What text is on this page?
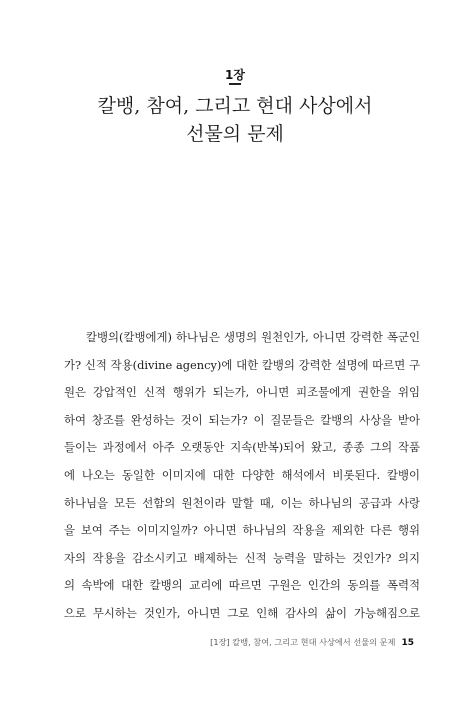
1장
칼뱅, 참여, 그리고 현대 사상에서
선물의 문제
칼뱅의(칼뱅에게) 하나님은 생명의 원천인가, 아니면 강력한 폭군인
가? 신적 작용(divine agency)에 대한 칼뱅의 강력한 설명에 따르면 구
원은 강압적인 신적 행위가 되는가, 아니면 피조물에게 권한을 위임
하여 창조를 완성하는 것이 되는가? 이 질문들은 칼뱅의 사상을 받아
들이는 과정에서 아주 오랫동안 지속(반복)되어 왔고, 종종 그의 작품
에 나오는 동일한 이미지에 대한 다양한 해석에서 비롯된다. 칼뱅이
하나님을 모든 선함의 원천이라 말할 때, 이는 하나님의 공급과 사랑
을 보여 주는 이미지일까? 아니면 하나님의 작용을 제외한 다른 행위
자의 작용을 감소시키고 배제하는 신적 능력을 말하는 것인가? 의지
의 속박에 대한 칼뱅의 교리에 따르면 구원은 인간의 동의를 폭력적
으로 무시하는 것인가, 아니면 그로 인해 감사의 삶이 가능해짐으로
[1장] 칼뱅, 참여, 그리고 현대 사상에서 선물의 문제 15
